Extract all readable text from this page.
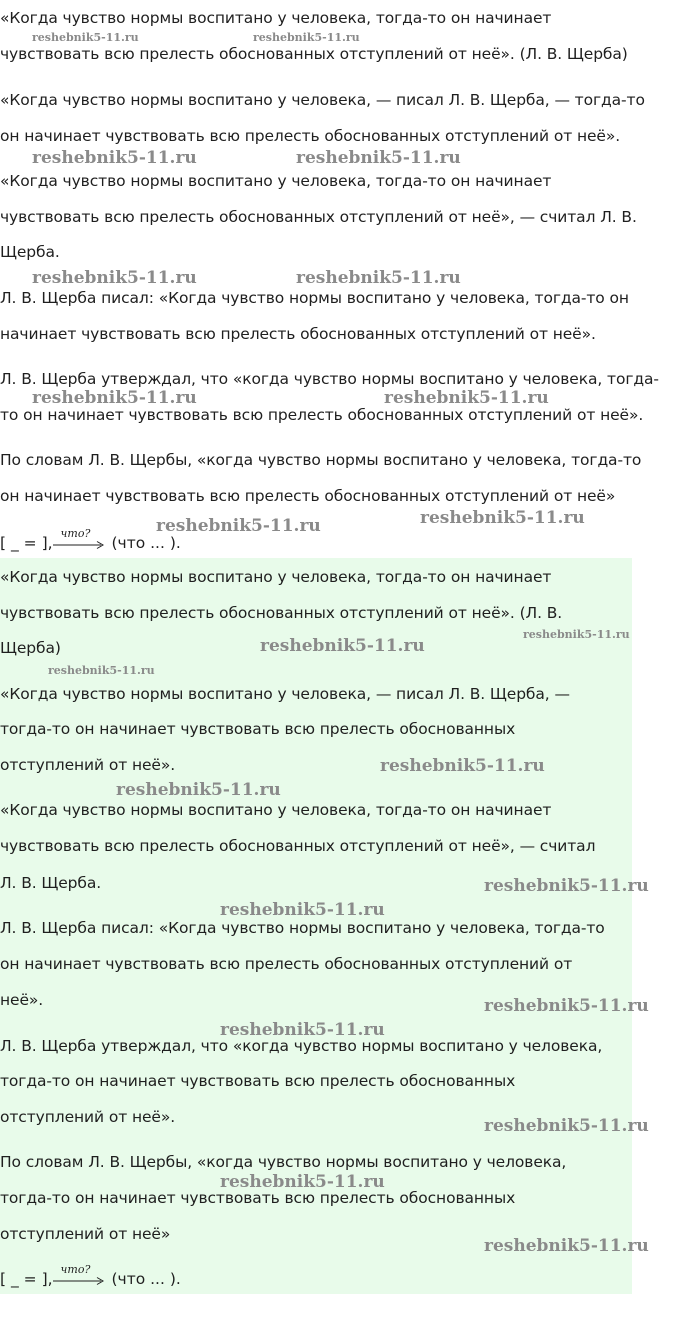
«Когда чувство нормы воспитано у человека, тогда-то он начинает
чувствовать всю прелесть обоснованных отступлений от неё». (Л. В. Щерба)
«Когда чувство нормы воспитано у человека, — писал Л. В. Щерба, — тогда-то
он начинает чувствовать всю прелесть обоснованных отступлений от неё».
«Когда чувство нормы воспитано у человека, тогда-то он начинает
чувствовать всю прелесть обоснованных отступлений от неё», — считал Л. В.
Щерба.
Л. В. Щерба писал: «Когда чувство нормы воспитано у человека, тогда-то он
начинает чувствовать всю прелесть обоснованных отступлений от неё».
Л. В. Щерба утверждал, что «когда чувство нормы воспитано у человека, тогда-
то он начинает чувствовать всю прелесть обоснованных отступлений от неё».
По словам Л. В. Щербы, «когда чувство нормы воспитано у человека, тогда-то
он начинает чувствовать всю прелесть обоснованных отступлений от неё»
[ _ = ],
что?
(что ... ).
reshebnik5-11.ru	reshebnik5-11.ru
reshebnik5-11.ru	reshebnik5-11.ru
reshebnik5-11.ru	reshebnik5-11.ru
reshebnik5-11.ru	reshebnik5-11.ru
reshebnik5-11.ru	reshebnik5-11.ru
«Когда чувство нормы воспитано у человека, тогда-то он начинает
чувствовать всю прелесть обоснованных отступлений от неё». (Л. В.
Щерба)
«Когда чувство нормы воспитано у человека, — писал Л. В. Щерба, —
тогда-то он начинает чувствовать всю прелесть обоснованных
отступлений от неё».
«Когда чувство нормы воспитано у человека, тогда-то он начинает
чувствовать всю прелесть обоснованных отступлений от неё», — считал
Л. В. Щерба.
Л. В. Щерба писал: «Когда чувство нормы воспитано у человека, тогда-то
он начинает чувствовать всю прелесть обоснованных отступлений от
неё».
Л. В. Щерба утверждал, что «когда чувство нормы воспитано у человека,
тогда-то он начинает чувствовать всю прелесть обоснованных
отступлений от неё».
По словам Л. В. Щербы, «когда чувство нормы воспитано у человека,
тогда-то он начинает чувствовать всю прелесть обоснованных
отступлений от неё»
[ _ = ],
что?
(что ... ).
reshebnik5-11.ru
reshebnik5-11.ru
reshebnik5-11.ru
reshebnik5-11.ru
reshebnik5-11.ru
reshebnik5-11.ru
reshebnik5-11.ru
reshebnik5-11.ru
reshebnik5-11.ru
reshebnik5-11.ru
reshebnik5-11.ru
reshebnik5-11.ru
